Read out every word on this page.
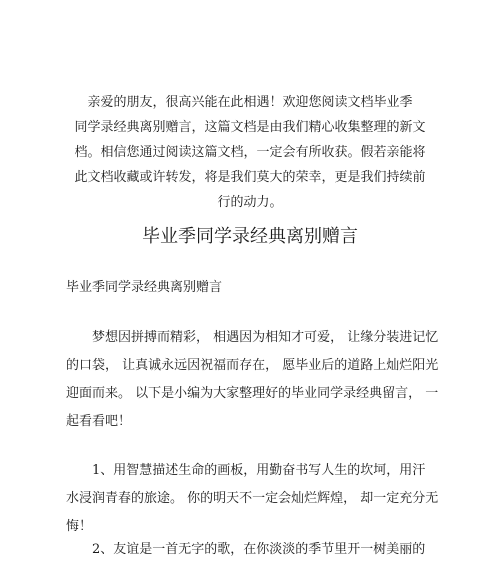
亲爱的朋友，很高兴能在此相遇！欢迎您阅读文档毕业季
同学录经典离别赠言，这篇文档是由我们精心收集整理的新文
档。相信您通过阅读这篇文档，一定会有所收获。假若亲能将
此文档收藏或许转发，将是我们莫大的荣幸，更是我们持续前
行的动力。
毕业季同学录经典离别赠言
毕业季同学录经典离别赠言
梦想因拼搏而精彩， 相遇因为相知才可爱， 让缘分装进记忆
的口袋， 让真诚永远因祝福而存在， 愿毕业后的道路上灿烂阳光
迎面而来。 以下是小编为大家整理好的毕业同学录经典留言， 一
起看看吧！
1、用智慧描述生命的画板，用勤奋书写人生的坎坷，用汗
水浸润青春的旅途。 你的明天不一定会灿烂辉煌， 却一定充分无
悔！
2、友谊是一首无字的歌，在你淡淡的季节里开一树美丽的
